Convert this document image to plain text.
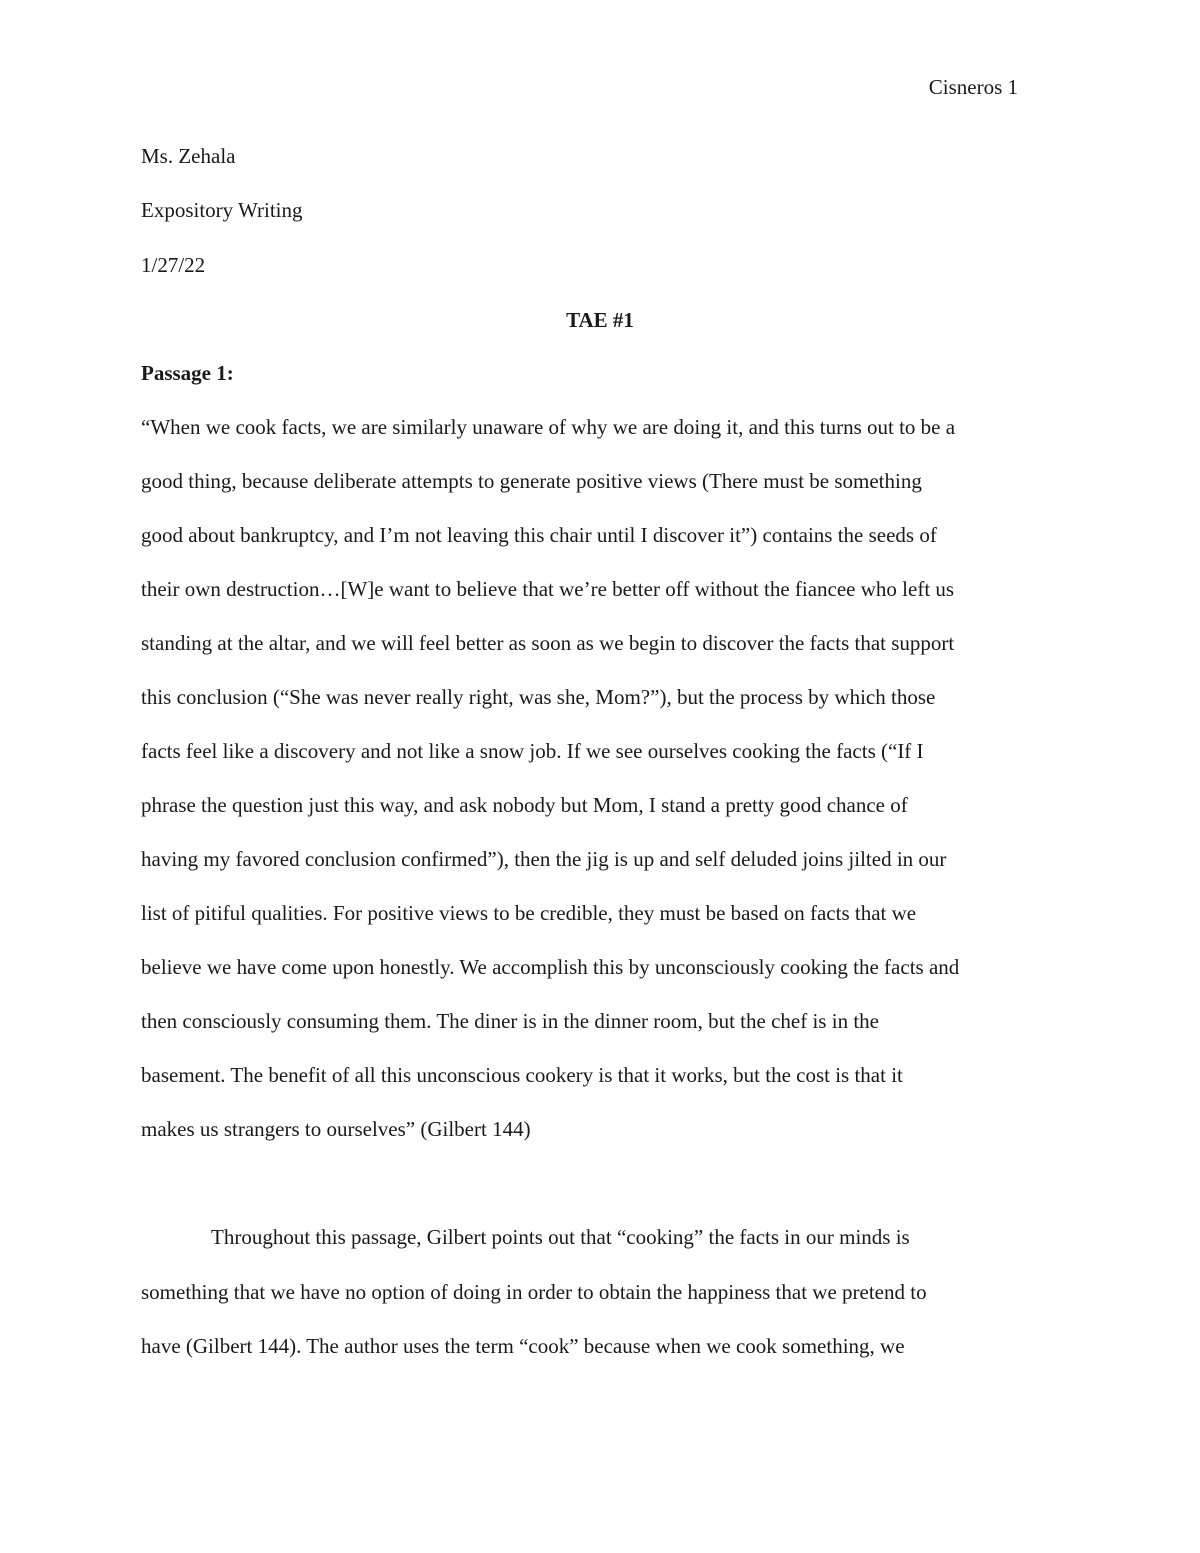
Cisneros 1
Ms. Zehala
Expository Writing
1/27/22
TAE #1
Passage 1:
“When we cook facts, we are similarly unaware of why we are doing it, and this turns out to be a
good thing, because deliberate attempts to generate positive views (There must be something
good about bankruptcy, and I’m not leaving this chair until I discover it”) contains the seeds of
their own destruction…[W]e want to believe that we’re better off without the fiancee who left us
standing at the altar, and we will feel better as soon as we begin to discover the facts that support
this conclusion (“She was never really right, was she, Mom?”), but the process by which those
facts feel like a discovery and not like a snow job. If we see ourselves cooking the facts (“If I
phrase the question just this way, and ask nobody but Mom, I stand a pretty good chance of
having my favored conclusion confirmed”), then the jig is up and self deluded joins jilted in our
list of pitiful qualities. For positive views to be credible, they must be based on facts that we
believe we have come upon honestly. We accomplish this by unconsciously cooking the facts and
then consciously consuming them. The diner is in the dinner room, but the chef is in the
basement. The benefit of all this unconscious cookery is that it works, but the cost is that it
makes us strangers to ourselves” (Gilbert 144)
Throughout this passage, Gilbert points out that “cooking” the facts in our minds is
something that we have no option of doing in order to obtain the happiness that we pretend to
have (Gilbert 144). The author uses the term “cook” because when we cook something, we
